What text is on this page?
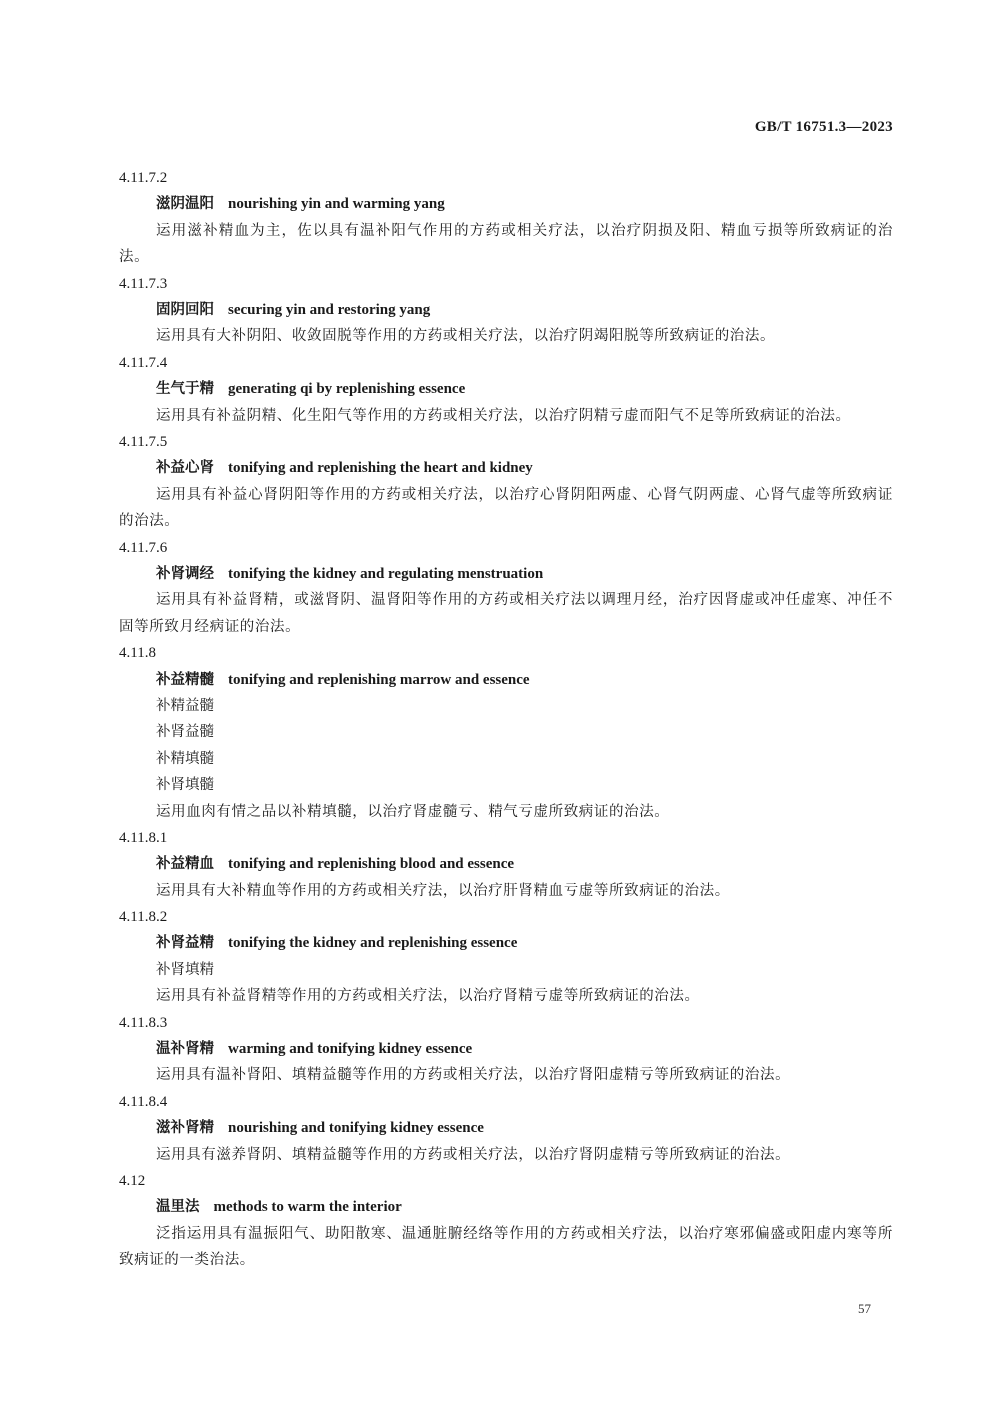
GB/T 16751.3—2023
4.11.7.2
滋阴温阳 nourishing yin and warming yang
运用滋补精血为主，佐以具有温补阳气作用的方药或相关疗法，以治疗阴损及阳、精血亏损等所致病证的治法。
4.11.7.3
固阴回阳 securing yin and restoring yang
运用具有大补阴阳、收敛固脱等作用的方药或相关疗法，以治疗阴竭阳脱等所致病证的治法。
4.11.7.4
生气于精 generating qi by replenishing essence
运用具有补益阴精、化生阳气等作用的方药或相关疗法，以治疗阴精亏虚而阳气不足等所致病证的治法。
4.11.7.5
补益心肾 tonifying and replenishing the heart and kidney
运用具有补益心肾阴阳等作用的方药或相关疗法，以治疗心肾阴阳两虚、心肾气阴两虚、心肾气虚等所致病证的治法。
4.11.7.6
补肾调经 tonifying the kidney and regulating menstruation
运用具有补益肾精，或滋肾阴、温肾阳等作用的方药或相关疗法以调理月经，治疗因肾虚或冲任虚寒、冲任不固等所致月经病证的治法。
4.11.8
补益精髓 tonifying and replenishing marrow and essence
补精益髓
补肾益髓
补精填髓
补肾填髓
运用血肉有情之品以补精填髓，以治疗肾虚髓亏、精气亏虚所致病证的治法。
4.11.8.1
补益精血 tonifying and replenishing blood and essence
运用具有大补精血等作用的方药或相关疗法，以治疗肝肾精血亏虚等所致病证的治法。
4.11.8.2
补肾益精 tonifying the kidney and replenishing essence
补肾填精
运用具有补益肾精等作用的方药或相关疗法，以治疗肾精亏虚等所致病证的治法。
4.11.8.3
温补肾精 warming and tonifying kidney essence
运用具有温补肾阳、填精益髓等作用的方药或相关疗法，以治疗肾阳虚精亏等所致病证的治法。
4.11.8.4
滋补肾精 nourishing and tonifying kidney essence
运用具有滋养肾阴、填精益髓等作用的方药或相关疗法，以治疗肾阴虚精亏等所致病证的治法。
4.12
温里法 methods to warm the interior
泛指运用具有温振阳气、助阳散寒、温通脏腑经络等作用的方药或相关疗法，以治疗寒邪偏盛或阳虚内寒等所致病证的一类治法。
57
